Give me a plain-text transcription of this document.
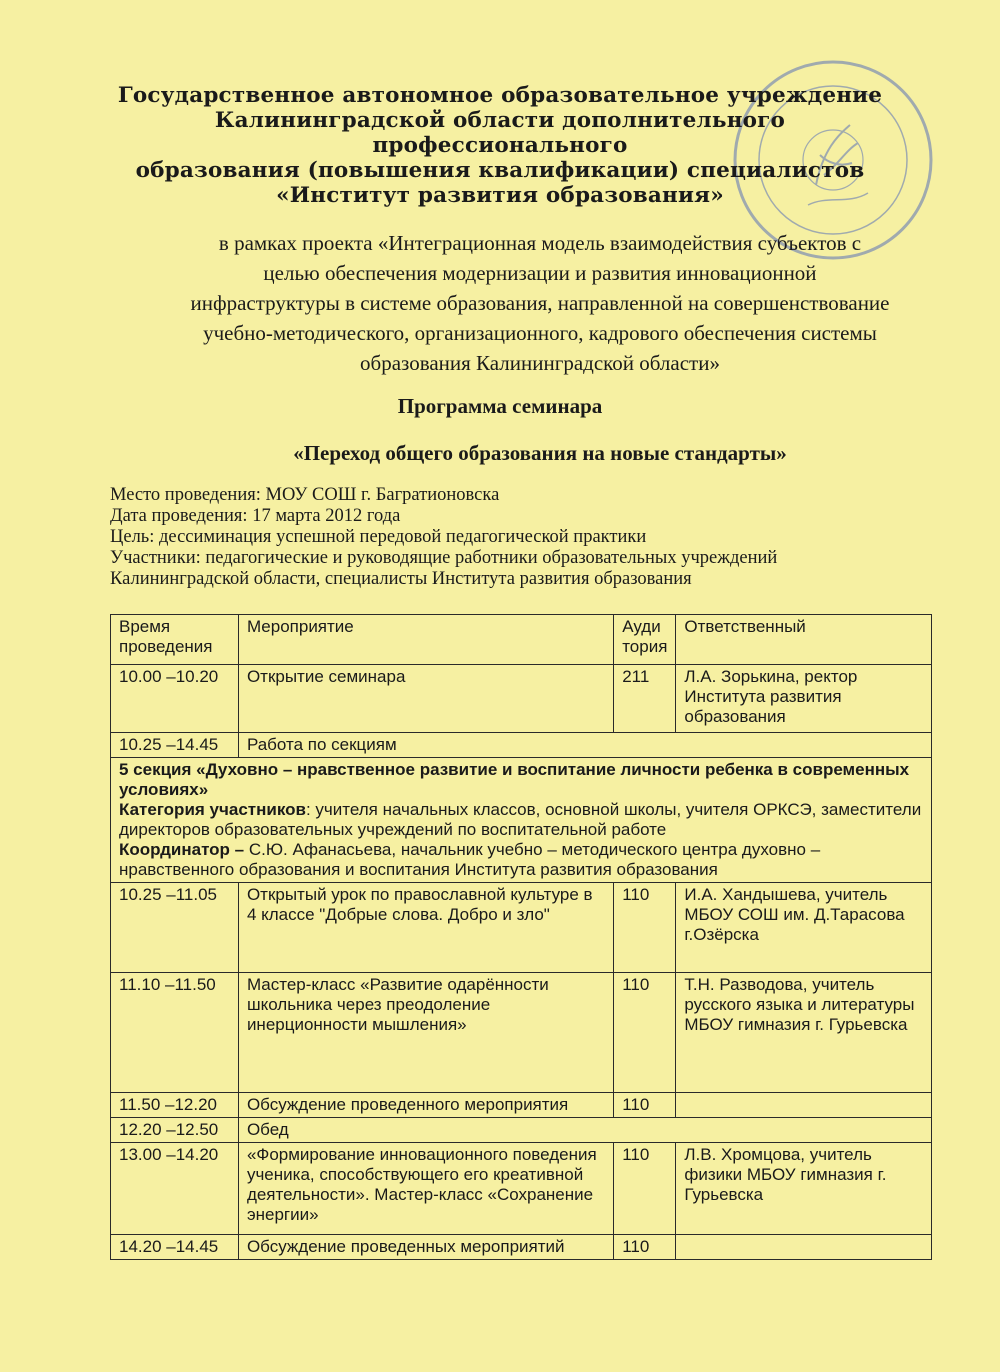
Государственное автономное образовательное учреждение
Калининградской области дополнительного профессионального
образования (повышения квалификации) специалистов
«Институт развития образования»
в рамках проекта «Интеграционная модель взаимодействия субъектов с
целью обеспечения модернизации и развития инновационной
инфраструктуры в системе образования, направленной на совершенствование
учебно-методического, организационного, кадрового обеспечения системы
образования Калининградской области»
Программа семинара
«Переход общего образования на новые стандарты»

Место проведения: МОУ СОШ г. Багратионовска

Дата проведения: 17 марта 2012 года

Цель: дессиминация успешной передовой педагогической практики

Участники: педагогические и руководящие работники образовательных учреждений

Калининградской области, специалисты Института развития образования

Время проведения	Мероприятие	Ауди тория	Ответственный
10.00 –10.20	Открытие семинара	211	Л.А. Зорькина, ректор Института развития образования
10.25 –14.45	Работа по секциям		
5 секция «Духовно – нравственное развитие и воспитание личности ребенка в современных условиях»
Категория участников: учителя начальных классов, основной школы, учителя ОРКСЭ, заместители директоров образовательных учреждений по воспитательной работе
Координатор – С.Ю. Афанасьева, начальник учебно – методического центра духовно – нравственного образования и воспитания Института развития образования			
10.25 –11.05	Открытый урок по православной культуре в 4 классе "Добрые слова. Добро и зло"	110	И.А. Хандышева, учитель МБОУ СОШ им. Д.Тарасова г.Озёрска
11.10 –11.50	Мастер-класс «Развитие одарённости школьника через преодоление инерционности мышления»	110	Т.Н. Разводова, учитель русского языка и литературы МБОУ гимназия г. Гурьевска
11.50 –12.20	Обсуждение проведенного мероприятия	110	
12.20 –12.50	Обед		
13.00 –14.20	«Формирование инновационного поведения ученика, способствующего его креативной деятельности». Мастер-класс «Сохранение энергии»	110	Л.В. Хромцова, учитель физики МБОУ гимназия г. Гурьевска
14.20 –14.45	Обсуждение проведенных мероприятий	110	
